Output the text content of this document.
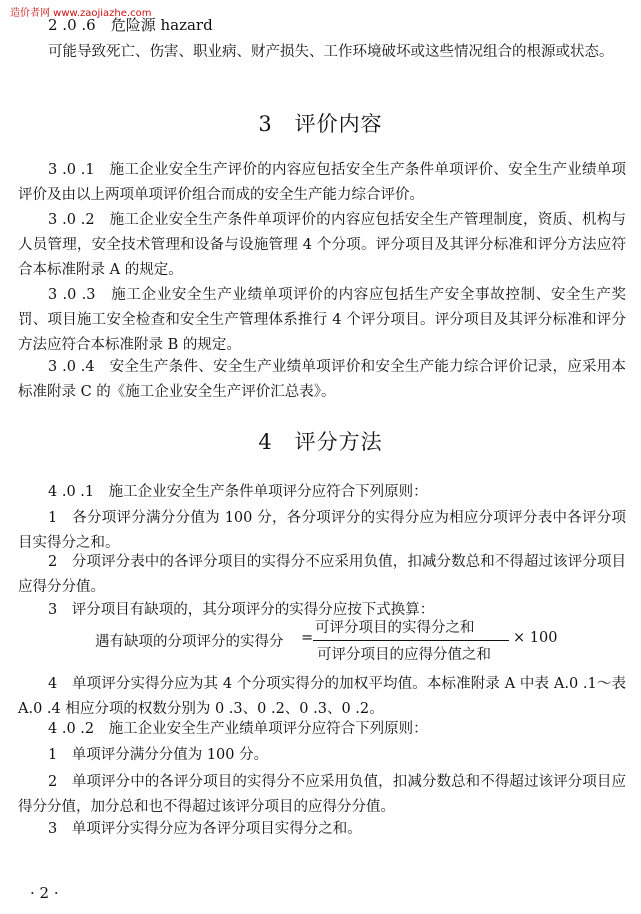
造价者网 www.zaojiazhe.com
2 .0 .6　危险源 hazard
可能导致死亡、伤害、职业病、财产损失、工作环境破坏或这些情况组合的根源或状态。
3　评价内容
3 .0 .1　施工企业安全生产评价的内容应包括安全生产条件单项评价、安全生产业绩单项评价及由以上两项单项评价组合而成的安全生产能力综合评价。
3 .0 .2　施工企业安全生产条件单项评价的内容应包括安全生产管理制度，资质、机构与人员管理，安全技术管理和设备与设施管理 4 个分项。评分项目及其评分标准和评分方法应符合本标准附录 A 的规定。
3 .0 .3　施工企业安全生产业绩单项评价的内容应包括生产安全事故控制、安全生产奖罚、项目施工安全检查和安全生产管理体系推行 4 个评分项目。评分项目及其评分标准和评分方法应符合本标准附录 B 的规定。
3 .0 .4　安全生产条件、安全生产业绩单项评价和安全生产能力综合评价记录，应采用本标准附录 C 的《施工企业安全生产评价汇总表》。
4　评分方法
4 .0 .1　施工企业安全生产条件单项评分应符合下列原则：
1　各分项评分满分分值为 100 分，各分项评分的实得分应为相应分项评分表中各评分项目实得分之和。
2　分项评分表中的各评分项目的实得分不应采用负值，扣减分数总和不得超过该评分项目应得分分值。
3　评分项目有缺项的，其分项评分的实得分应按下式换算：
遇有缺项的分项评分的实得分 =
可评分项目的实得分之和
可评分项目的应得分值之和
× 100
4　单项评分实得分应为其 4 个分项实得分的加权平均值。本标准附录 A 中表 A.0 .1～表 A.0 .4 相应分项的权数分别为 0 .3、0 .2、0 .3、0 .2。
4 .0 .2　施工企业安全生产业绩单项评分应符合下列原则：
1　单项评分满分分值为 100 分。
2　单项评分中的各评分项目的实得分不应采用负值，扣减分数总和不得超过该评分项目应得分分值，加分总和也不得超过该评分项目的应得分分值。
3　单项评分实得分应为各评分项目实得分之和。
· 2 ·
